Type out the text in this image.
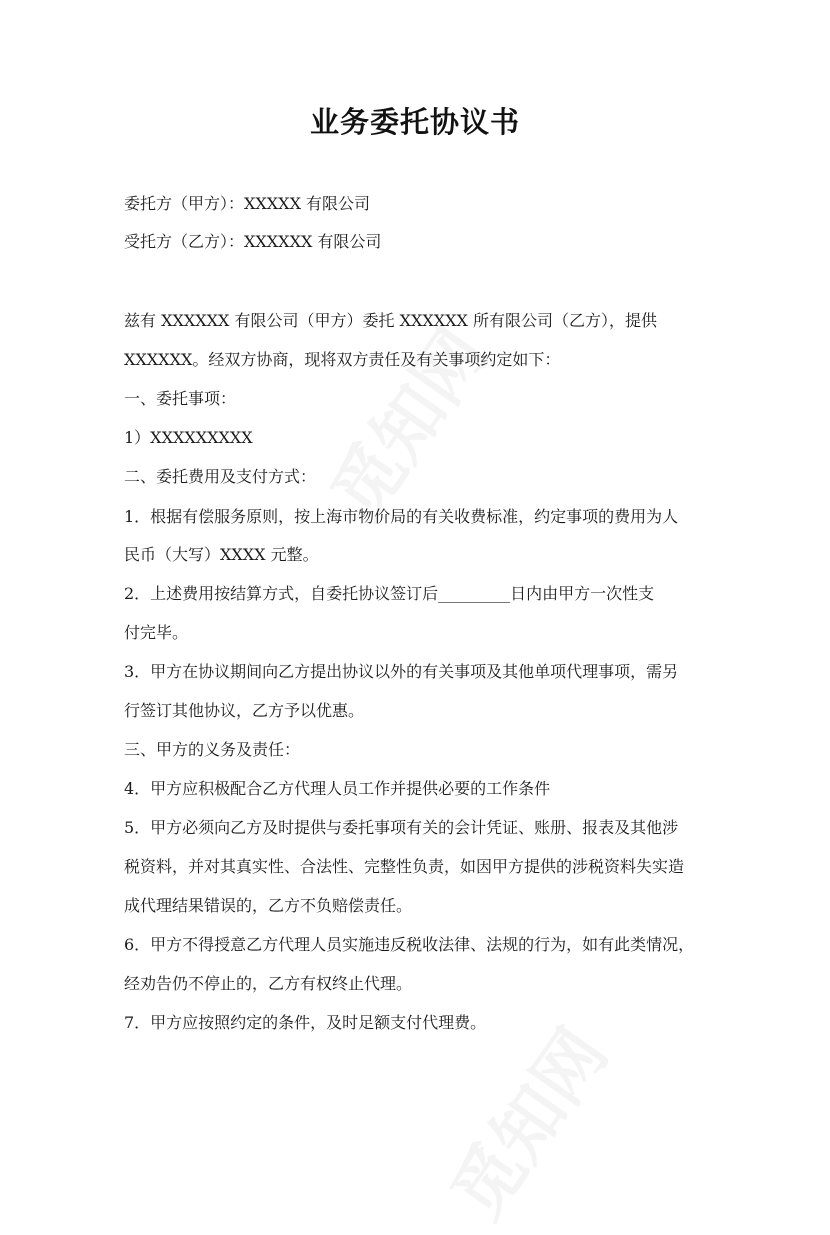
业务委托协议书
委托方（甲方）：XXXXX 有限公司
受托方（乙方）：XXXXXX 有限公司
兹有 XXXXXX 有限公司（甲方）委托 XXXXXX 所有限公司（乙方），提供
XXXXXX。经双方协商，现将双方责任及有关事项约定如下：
一、委托事项：
1）XXXXXXXXX
二、委托费用及支付方式：
1．根据有偿服务原则，按上海市物价局的有关收费标准，约定事项的费用为人
民币（大写）XXXX 元整。
2．上述费用按结算方式，自委托协议签订后_________日内由甲方一次性支
付完毕。
3．甲方在协议期间向乙方提出协议以外的有关事项及其他单项代理事项，需另
行签订其他协议，乙方予以优惠。
三、甲方的义务及责任：
4．甲方应积极配合乙方代理人员工作并提供必要的工作条件
5．甲方必须向乙方及时提供与委托事项有关的会计凭证、账册、报表及其他涉
税资料，并对其真实性、合法性、完整性负责，如因甲方提供的涉税资料失实造
成代理结果错误的，乙方不负赔偿责任。
6．甲方不得授意乙方代理人员实施违反税收法律、法规的行为，如有此类情况，
经劝告仍不停止的，乙方有权终止代理。
7．甲方应按照约定的条件，及时足额支付代理费。
